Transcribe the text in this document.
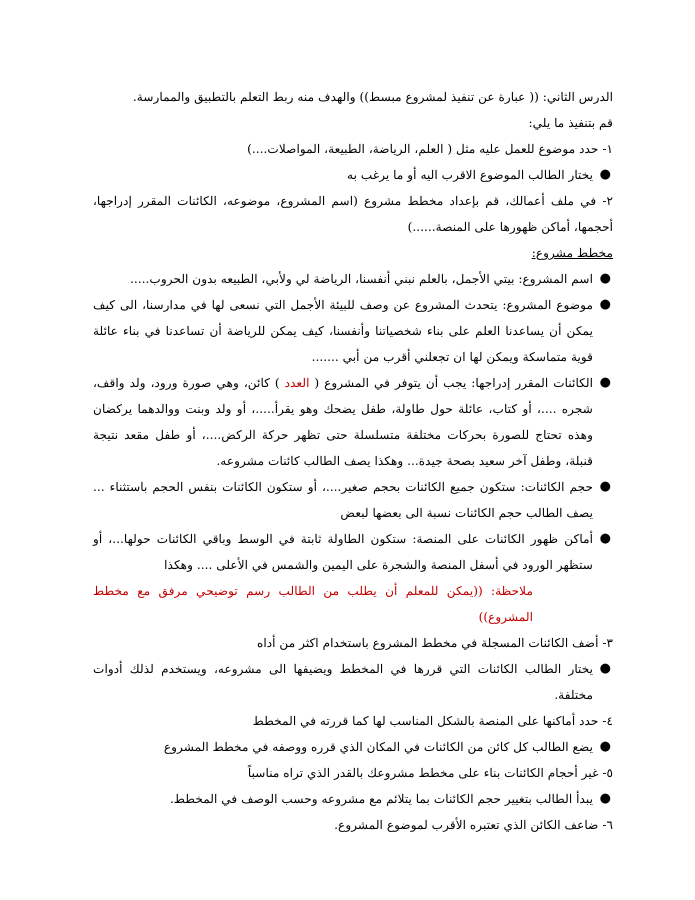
الدرس الثاني: (( عبارة عن تنفيذ لمشروع مبسط)) والهدف منه ربط التعلم بالتطبيق والممارسة.

قم بتنفيذ ما يلي:

١- حدد موضوع للعمل عليه مثل ( العلم، الرياضة، الطبيعة، المواصلات....)

●
يختار الطالب الموضوع الاقرب اليه أو ما يرغب به

٢- في ملف أعمالك، قم بإعداد مخطط مشروع (اسم المشروع، موضوعه، الكائنات المقرر إدراجها، أحجمها، أماكن ظهورها على المنصة......)

مخطط مشروع:

●
اسم المشروع: بيتي الأجمل، بالعلم نبني أنفسنا، الرياضة لي ولأبي، الطبيعه بدون الحروب.....

●
موضوع المشروع: يتحدث المشروع عن وصف للبيئة الأجمل التي نسعى لها في مدارسنا، الى كيف يمكن أن يساعدنا العلم على بناء شخصياتنا وأنفسنا، كيف يمكن للرياضة أن تساعدنا في بناء عائلة قوية متماسكة ويمكن لها ان تجعلني أقرب من أبي .......

●
الكائنات المقرر إدراجها: يجب أن يتوفر في المشروع ( العدد ) كائن، وهي صورة ورود، ولد واقف، شجره ....، أو كتاب، عائلة حول طاولة، طفل يضحك وهو يقرأ.....، أو ولد وبنت ووالدهما يركضان وهذه تحتاج للصورة بحركات مختلفة متسلسلة حتى تظهر حركة الركض....، أو طفل مقعد نتيجة قنبلة، وطفل آخر سعيد بصحة جيدة... وهكذا يصف الطالب كائنات مشروعه.

●
حجم الكائنات: ستكون جميع الكائنات بحجم صغير....، أو ستكون الكائنات بنفس الحجم باستثناء ... يصف الطالب حجم الكائنات نسبة الى بعضها لبعض

●
أماكن ظهور الكائنات على المنصة: ستكون الطاولة ثابتة في الوسط وباقي الكائنات حولها...، أو ستظهر الورود في أسفل المنصة والشجرة على اليمين والشمس في الأعلى .... وهكذا

ملاحظة: ((يمكن للمعلم أن يطلب من الطالب رسم توضيحي مرفق مع مخطط المشروع))

٣- أضف الكائنات المسجلة في مخطط المشروع باستخدام اكثر من أداه

●
يختار الطالب الكائنات التي قررها في المخطط ويضيفها الى مشروعه، ويستخدم لذلك أدوات مختلفة.

٤- حدد أماكنها على المنصة بالشكل المناسب لها كما قررته في المخطط

●
يضع الطالب كل كائن من الكائنات في المكان الذي قرره ووصفه في مخطط المشروع

٥- غير أحجام الكائنات بناء على مخطط مشروعك بالقدر الذي تراه مناسباً

●
يبدأ الطالب بتغيير حجم الكائنات بما يتلائم مع مشروعه وحسب الوصف في المخطط.

٦- ضاعف الكائن الذي تعتبره الأقرب لموضوع المشروع.
